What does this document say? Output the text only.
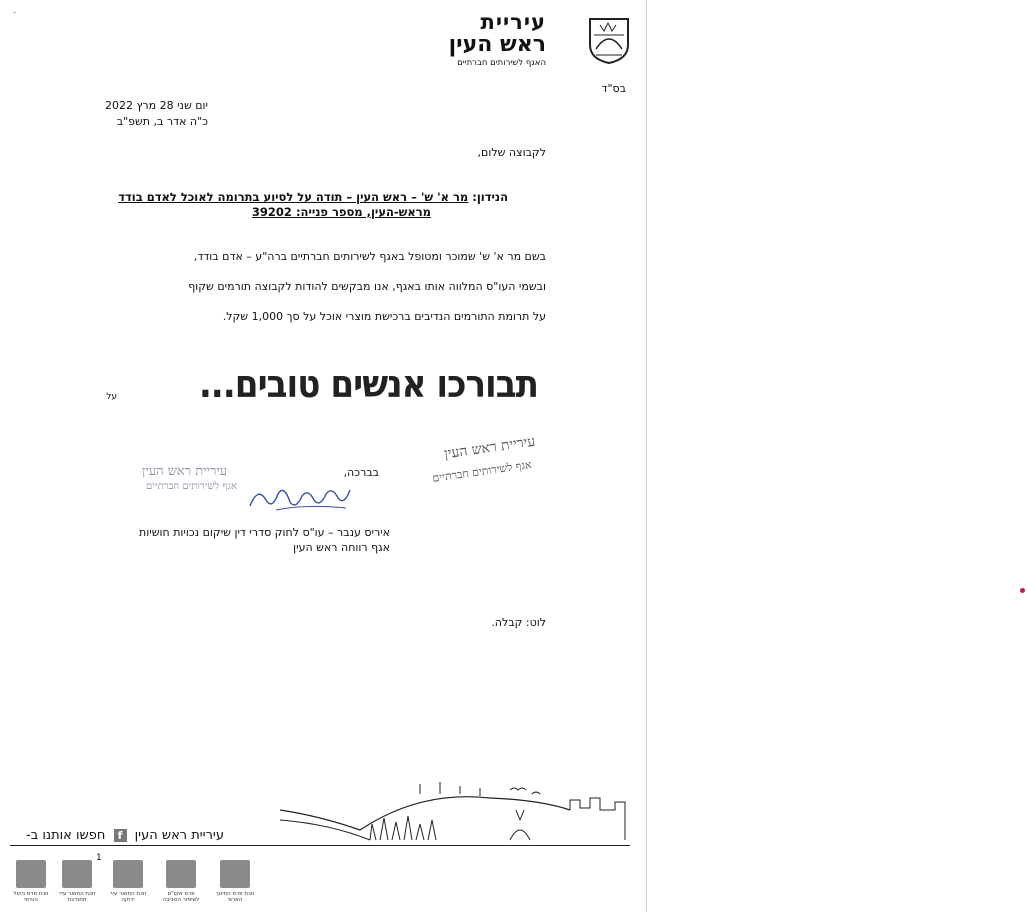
עיריית
ראש העין
האגף לשירותים חברתיים
בס"ד
יום שני 28 מרץ 2022
כ"ה אדר ב, תשפ"ב
לקבוצה שלום,
הנידון: מר א' ש' – ראש העין – תודה על לסיוע בתרומה לאוכל לאדם בודד
מראש-העין, מספר פנייה: 39202
בשם מר א' ש' שמוכר ומטופל באגף לשירותים חברתיים ברה"ע – אדם בודד,
ובשמי העו"ס המלווה אותו באגף, אנו מבקשים להודות לקבוצה תורמים שקוף
על תרומת התורמים הנדיבים ברכישת מוצרי אוכל על סך 1,000 שקל.
תבורכו אנשים טובים...
על
עיריית ראש העין
אגף לשירותים חברתיים
עיריית ראש העין
אגף לשירותים חברתיים
בברכה,
איריס ענבר – עו"ס לחוק סדרי דין שיקום נכויות חושיות
אגף רווחה ראש העין
לוט: קבלה.
עיריית ראש העין f חפשו אותנו ב-
1
זוכת פרס ניהול הנדסי
זוכת התואר עיר מתנדבת
זוכת התואר עיר ירוקה
פרס אקו"ם לשימור הסביבה
זוכת פרס החינוך הארצי
ˊ
